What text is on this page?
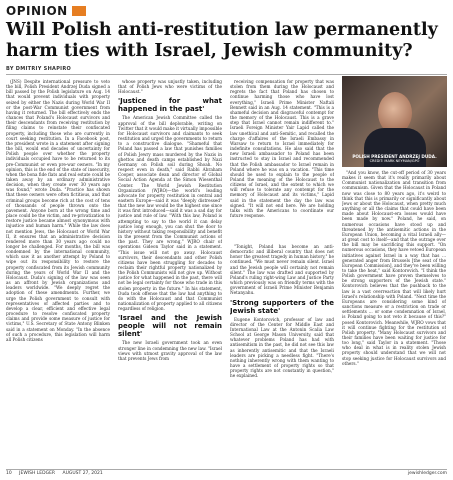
OPINION
Will Polish anti-restitution law permanently harm ties with Israel, Jewish community?
BY DMITRIY SHAPIRO

(JNS) Despite international pressure to veto the bill, Polish President Andrzej Duda signed a bill passed by the Polish legislature on Aug. 14 that would prevent individuals with property seized by either the Nazis during World War II or the post-War Communist government from having it returned. The bill effectively ends the chances that Poland's Holocaust survivors and their descendants from receiving restitution by filing claims to reinstate their confiscated property, including those who are currently in court seeking restitution. In a Facebook post, the president wrote in a statement after signing the bill, would end decades of uncertainty for Polish people over whether the property individuals occupied have to be returned to its pre-Communist or even pre-war owners. "In my opinion, this is the end of the state of insecurity, when the bona fide flats and real estate could be taken away by an ordinary administrative decision, when they create over 30 years ago was found," wrote Duda. "Practice has shown that these owners were often fictitious, and that criminal groups become rich at the cost of tens of thousands of people thrown onto the pavement. Anyone born at the wrong time and place could be the victim, and re-privatization to restore justice became almost synonymous with injustice and human harm." While the law does not mention Jews, the Holocaust or World War II, it ensures that an administrative decision rendered more than 30 years ago could no longer be challenged. For months, the bill was condemned by the international community, which saw it as another attempt by Poland to wipe out its responsibility to restore the property confiscated from its Jewish community during the years of World War II and the Holocaust. Duda's signing of the law was seen as an affront by Jewish organizations and leaders worldwide. "We deeply regret the adoption of these amendments. Further, we urge the Polish government to consult with representatives of affected parties and to develop a clear, efficient and effective legal procedure to resolve confiscated property claims and provide some measure of justice for victims," U.S. Secretary of State Antony Blinken said in a statement on Monday. "In the absence of such a procedure, this legislation will harm all Polish citizens

whose property was unjustly taken, including that of Polish Jews who were victims of the Holocaust."

'Justice for what happened in the past'

The American Jewish Committee called the approval of the bill deplorable, writing on Twitter that it would make it virtually impossible for Holocaust survivors and claimants to seek restitution and urged the governments to return to a constructive dialogue. "Shameful that Poland has passed a law that punishes families of Polish Jewry mass murdered by the Nazis in ghettos and death camps established by Nazi Germany on Polish soil during Shoah. No respect even in death," said Rabbi Abraham Cooper, associate dean and director of Global Social Action Agenda at the Simon Wiesenthal Center. The World Jewish Restitution Organization (WJRO)—the world's leading advocate for property restitution in central and eastern Europe—said it was "deeply distressed" that the new law would be the highest one since it was first introduced—said it was a sad day for justice and rule of law. "With this law, Poland is attempting to say to the world it can delay justice long enough, you can shut the door to history without taking responsibility and benefit in the present from the Communist actions of the past. They are wrong," WJRO chair of operations Gideon Taylor said in a statement. "This issue will not go away. Holocaust survivors, their descendants and other Polish citizens have been struggling for decades to reclaim their rightful property nationalized by the Polish Communists will not give up. Without justice for what happened in the past, there will not be legal certainty for those who trade in this stolen property in the future." In his statement, Duda took offense that the law had anything to do with the Holocaust and that Communist nationalization of property applied to all citizens regardless of religion.

'Israel and the Jewish people will not remain silent'

The new Israeli government took an even stronger line in condemning the new law. "Israel views with utmost gravity approval of the law that prevents Jews from

receiving compensation for property that was stolen from them during the Holocaust and regrets the fact that Poland has chosen to continue harming those who have lost everything," Israeli Prime Minister Naftali Bennett said in an Aug. 14 statement. "This is a shameful decision and disgraceful contempt for the memory of the Holocaust. This is a grave step that Israel cannot remain indifferent to." Israeli Foreign Minister Yair Lapid called the law unethical and anti-Semitic, and recalled the charge d'affaires of the Israeli Embassy in Warsaw to return to Israel immediately for indefinite consultations. He also said that the new Israeli ambassador to Poland has been instructed to stay in Israel and recommended that the Polish ambassador to Israel remain in Poland where he was on a vacation. "This time should be used to explain to the people of Poland the meaning of the Holocaust to the citizens of Israel, and the extent to which we will refuse to tolerate any contempt for the memory of Holocaust and its victims," Lapid said in the statement the day the law was signed. "It will not end here. We are holding talks with the Americans to coordinate our future response.

POLISH PRESIDENT ANDRZEJ DUDA.
CREDIT: MARK NEYMAN/GPO

"Tonight, Poland has become an anti-democratic and illiberal country that does not honor the greatest tragedy in human history," he continued. "We must never remain silent. Israel and the Jewish people will certainly not remain silent." The law was drafted and supported by Poland's ruling right-wing Law and Justice Party which previously was on friendly terms with the government of Israeli Prime Minister Benjamin Netanyahu.

'Strong supporters of the Jewish state'

Eugene Kontorovich, professor of law and director of the Center for Middle East and International Law at the Antonin Scalia Law School at George Mason University, said that whatever problems Poland has had with antisemitism in the past, he did not see this law as inherently antisemitic and that the Israeli leaders are picking a needless fight. "There's nothing inherently wrong with them wanting to have a settlement of property rights so that property rights are not constantly in question," he explained.

"And you know, the cut-off period of 30 years makes it seem that it's really primarily about Communist nationalization and transition from communism. Given that the Holocaust in Poland now was close to 80 years ago, it's weird to think that this is primarily or significantly about Jews or about the Holocaust, when pretty much anything or all the claims that could have been made about Holocaust-era losses would have been made by now." Poland, he said, on numerous occasions have stood up and threatened by the antisemitic actions in the European Union, becoming a vital Israeli ally—at great cost to itself—and that the outrage over the bill may be sacrificing this support. "On numerous occasions, they have vetoed European initiatives against Israel in a way that has ... generated anger from Brussels [the seat of the European Commission], and they've been willing to take the heat," said Kontorovich. "I think the Polish government have proven themselves to be strong supporters of the Jewish state." Kontorovich believes that the pushback to the law is a vast overreaction that will likely hurt Israel's relationship with Poland. "Next time the Europeans are considering some kind of sanctions measure or a restriction on trade or settlements ... or some condemnation of Israel, is Poland going to not veto it because of this?" posed Kontorovich. Meanwhile, WJRO vows that it will continue fighting for the restitution of Polish property. "Many Holocaust survivors and their families have been waiting for justice for too long," said Taylor in a statement. "Those who deal in what is in reality stolen Jewish property should understand that we will not stop seeking justice for Holocaust survivors and others."

10 JEWISH LEDGER AUGUST 27, 2021	jewishledger.com
